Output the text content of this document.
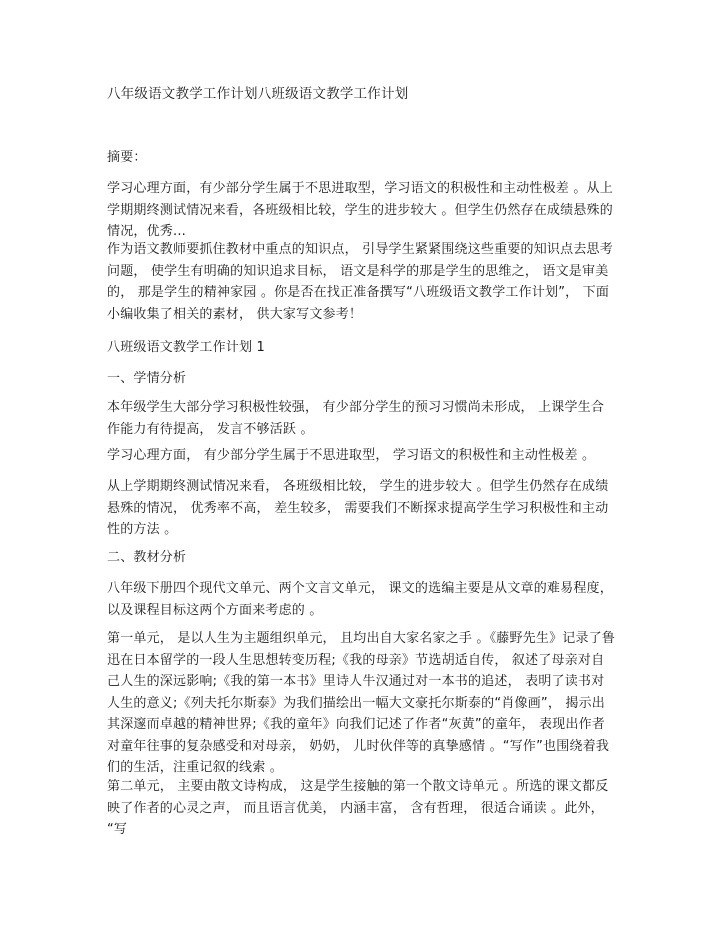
八年级语文教学工作计划八班级语文教学工作计划

摘要：

学习心理方面，有少部分学生属于不思进取型，学习语文的积极性和主动性极差 。从上学期期终测试情况来看，各班级相比较，学生的进步较大 。但学生仍然存在成绩悬殊的情况，优秀...

作为语文教师要抓住教材中重点的知识点， 引导学生紧紧围绕这些重要的知识点去思考问题， 使学生有明确的知识追求目标， 语文是科学的那是学生的思维之， 语文是审美的， 那是学生的精神家园 。你是否在找正准备撰写“八班级语文教学工作计划”， 下面小编收集了相关的素材， 供大家写文参考！

八班级语文教学工作计划 1

一、学情分析

本年级学生大部分学习积极性较强， 有少部分学生的预习习惯尚未形成， 上课学生合作能力有待提高， 发言不够活跃 。

学习心理方面， 有少部分学生属于不思进取型， 学习语文的积极性和主动性极差 。

从上学期期终测试情况来看， 各班级相比较， 学生的进步较大 。但学生仍然存在成绩悬殊的情况， 优秀率不高， 差生较多， 需要我们不断探求提高学生学习积极性和主动性的方法 。

二、教材分析

八年级下册四个现代文单元、两个文言文单元， 课文的选编主要是从文章的难易程度，以及课程目标这两个方面来考虑的 。

第一单元， 是以人生为主题组织单元， 且均出自大家名家之手 。《藤野先生》记录了鲁迅在日本留学的一段人生思想转变历程;《我的母亲》节选胡适自传， 叙述了母亲对自己人生的深远影响;《我的第一本书》里诗人牛汉通过对一本书的追述， 表明了读书对人生的意义;《列夫托尔斯泰》为我们描绘出一幅大文豪托尔斯泰的“肖像画”， 揭示出其深邃而卓越的精神世界;《我的童年》向我们记述了作者“灰黄”的童年， 表现出作者对童年往事的复杂感受和对母亲， 奶奶， 儿时伙伴等的真挚感情 。“写作”也围绕着我们的生活，注重记叙的线索 。

第二单元， 主要由散文诗构成， 这是学生接触的第一个散文诗单元 。所选的课文都反映了作者的心灵之声， 而且语言优美， 内涵丰富， 含有哲理， 很适合诵读 。此外， “写
